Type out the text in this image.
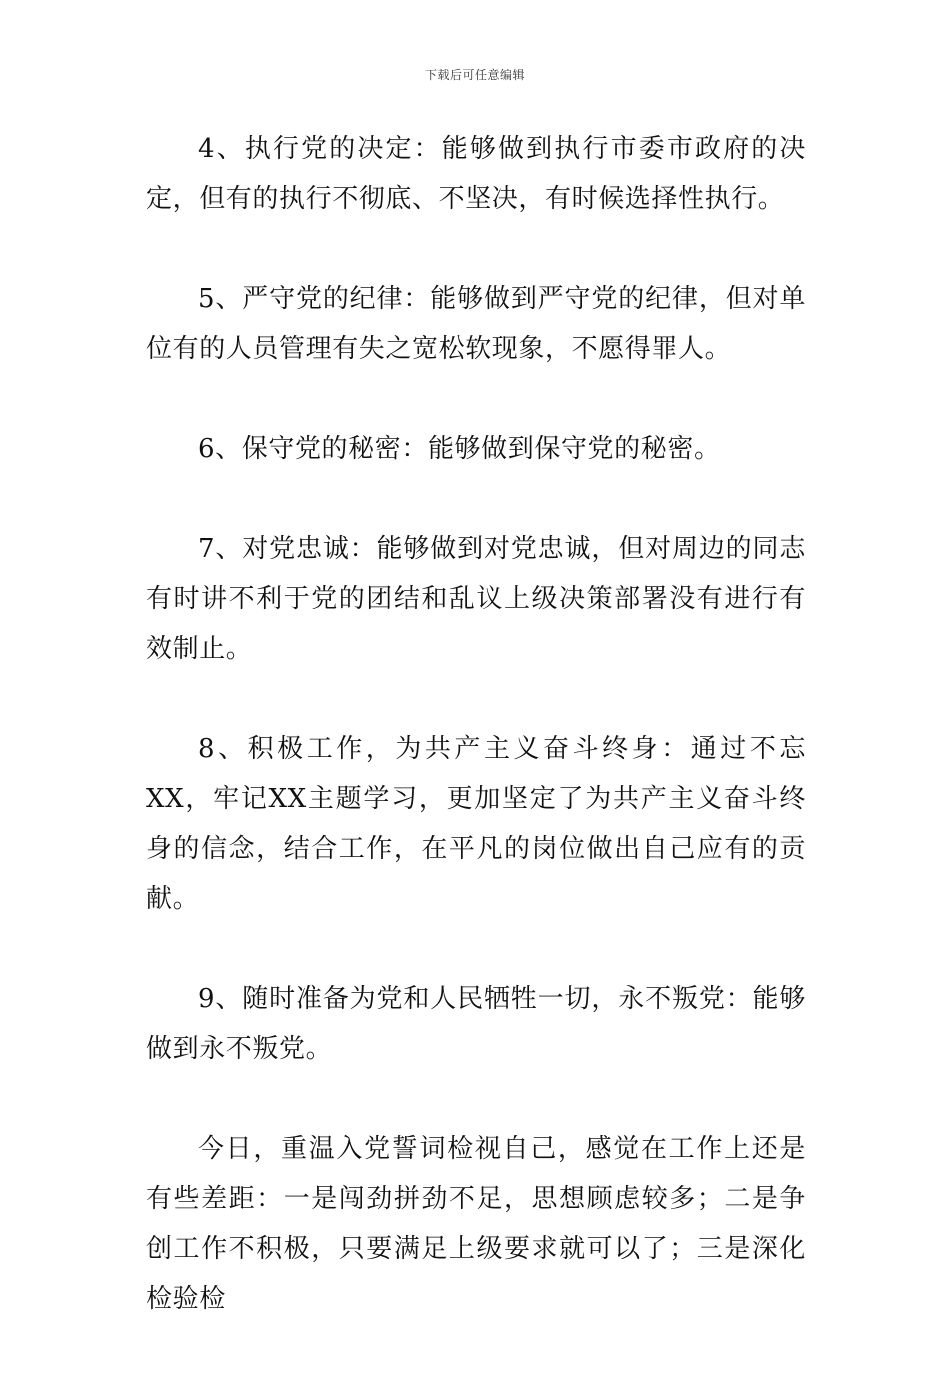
下载后可任意编辑

4、执行党的决定：能够做到执行市委市政府的决定，但有的执行不彻底、不坚决，有时候选择性执行。

5、严守党的纪律：能够做到严守党的纪律，但对单位有的人员管理有失之宽松软现象，不愿得罪人。

6、保守党的秘密：能够做到保守党的秘密。

7、对党忠诚：能够做到对党忠诚，但对周边的同志有时讲不利于党的团结和乱议上级决策部署没有进行有效制止。

8、积极工作，为共产主义奋斗终身：通过不忘XX，牢记XX主题学习，更加坚定了为共产主义奋斗终身的信念，结合工作，在平凡的岗位做出自己应有的贡献。

9、随时准备为党和人民牺牲一切，永不叛党：能够做到永不叛党。

今日，重温入党誓词检视自己，感觉在工作上还是有些差距：一是闯劲拼劲不足，思想顾虑较多；二是争创工作不积极，只要满足上级要求就可以了；三是深化检验检
